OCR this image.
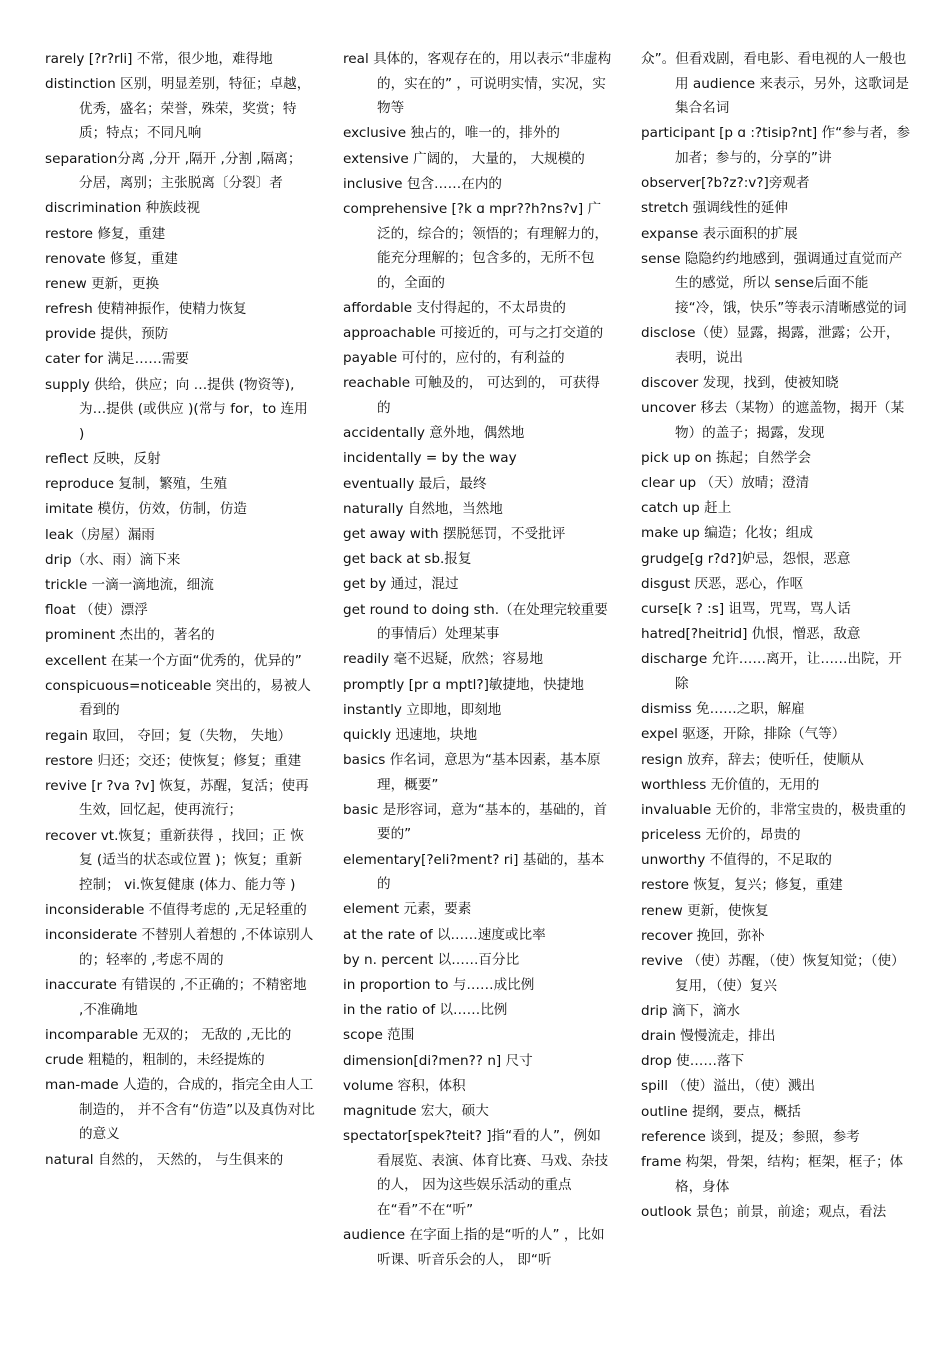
rarely [?r?rli] 不常，很少地，难得地
distinction 区别，明显差别，特征；卓越，优秀，盛名；荣誉，殊荣，奖赏；特质；特点；不同凡响
separation分离 ,分开 ,隔开 ,分割 ,隔离；分居，离别；主张脱离〔分裂〕者
discrimination 种族歧视
restore 修复，重建
renovate 修复，重建
renew 更新，更换
refresh 使精神振作，使精力恢复
provide 提供，预防
cater for 满足……需要
supply 供给，供应；向 …提供 (物资等), 为…提供 (或供应 )(常与 for，to 连用 )
reflect 反映，反射
reproduce 复制，繁殖，生殖
imitate 模仿，仿效，仿制，仿造
leak（房屋）漏雨
drip（水、雨）滴下来
trickle 一滴一滴地流，细流
float （使）漂浮
prominent 杰出的，著名的
excellent 在某一个方面“优秀的，优异的”
conspicuous=noticeable 突出的，易被人看到的
regain 取回， 夺回；复（失物， 失地）
restore 归还；交还；使恢复；修复；重建
revive [r ?va ?v] 恢复，苏醒，复活；使再生效，回忆起，使再流行；
recover vt.恢复；重新获得 ，找回；正 恢复 (适当的状态或位置 )；恢复；重新控制； vi.恢复健康 (体力、能力等 )
inconsiderable 不值得考虑的 ,无足轻重的
inconsiderate 不替别人着想的 ,不体谅别人的；轻率的 ,考虑不周的
inaccurate 有错误的 ,不正确的；不精密地 ,不准确地
incomparable 无双的； 无敌的 ,无比的
crude 粗糙的，粗制的，未经提炼的
man-made 人造的，合成的，指完全由人工制造的， 并不含有“仿造”以及真伪对比的意义
natural 自然的， 天然的， 与生俱来的
real 具体的，客观存在的，用以表示“非虚构的，实在的” ，可说明实情，实况，实物等
exclusive 独占的，唯一的，排外的
extensive 广阔的， 大量的， 大规模的
inclusive 包含……在内的
comprehensive [?k ɑ mpr??h?ns?v] 广泛的，综合的；领悟的；有理解力的，能充分理解的；包含多的，无所不包的，全面的
affordable 支付得起的，不太昂贵的
approachable 可接近的，可与之打交道的
payable 可付的，应付的，有利益的
reachable 可触及的， 可达到的， 可获得的
accidentally 意外地，偶然地
incidentally = by the way
eventually 最后，最终
naturally 自然地，当然地
get away with 摆脱惩罚，不受批评
get back at sb.报复
get by 通过，混过
get round to doing sth.（在处理完较重要的事情后）处理某事
readily 毫不迟疑，欣然；容易地
promptly [pr ɑ mptl?]敏捷地，快捷地
instantly 立即地，即刻地
quickly 迅速地，块地
basics 作名词，意思为“基本因素，基本原理，概要”
basic 是形容词，意为“基本的，基础的，首要的”
elementary[?eli?ment? ri] 基础的，基本的
element 元素，要素
at the rate of 以……速度或比率
by n. percent 以……百分比
in proportion to 与……成比例
in the ratio of 以……比例
scope 范围
dimension[di?men?? n] 尺寸
volume 容积，体积
magnitude 宏大，硕大
spectator[spek?teit? ]指“看的人”，例如看展览、表演、体育比赛、马戏、杂技的人， 因为这些娱乐活动的重点在“看”不在“听”
audience 在字面上指的是“听的人” ，比如听课、听音乐会的人， 即“听
众”。但看戏剧，看电影、看电视的人一般也用 audience 来表示，另外，这歌词是集合名词
participant [p ɑ :?tisip?nt] 作“参与者，参加者；参与的，分享的”讲
observer[?b?z?:v?]旁观者
stretch 强调线性的延伸
expanse 表示面积的扩展
sense 隐隐约约地感到，强调通过直觉而产生的感觉，所以 sense后面不能接“冷，饿，快乐”等表示清晰感觉的词
disclose（使）显露，揭露，泄露；公开，表明，说出
discover 发现，找到，使被知晓
uncover 移去（某物）的遮盖物，揭开（某物）的盖子；揭露，发现
pick up on 拣起；自然学会
clear up （天）放晴；澄清
catch up 赶上
make up 编造；化妆；组成
grudge[g r?d?]妒忌，怨恨，恶意
disgust 厌恶，恶心，作呕
curse[k ? :s] 诅骂，咒骂，骂人话
hatred[?heitrid] 仇恨，憎恶，敌意
discharge 允许……离开，让……出院，开除
dismiss 免……之职，解雇
expel 驱逐，开除，排除（气等）
resign 放弃，辞去；使听任，使顺从
worthless 无价值的，无用的
invaluable 无价的，非常宝贵的，极贵重的
priceless 无价的，昂贵的
unworthy 不值得的，不足取的
restore 恢复，复兴；修复，重建
renew 更新，使恢复
recover 挽回，弥补
revive （使）苏醒，（使）恢复知觉；（使）复用，（使）复兴
drip 滴下，滴水
drain 慢慢流走，排出
drop 使……落下
spill （使）溢出，（使）溅出
outline 提纲，要点，概括
reference 谈到，提及；参照，参考
frame 构架，骨架，结构；框架，框子；体格，身体
outlook 景色；前景，前途；观点，看法
